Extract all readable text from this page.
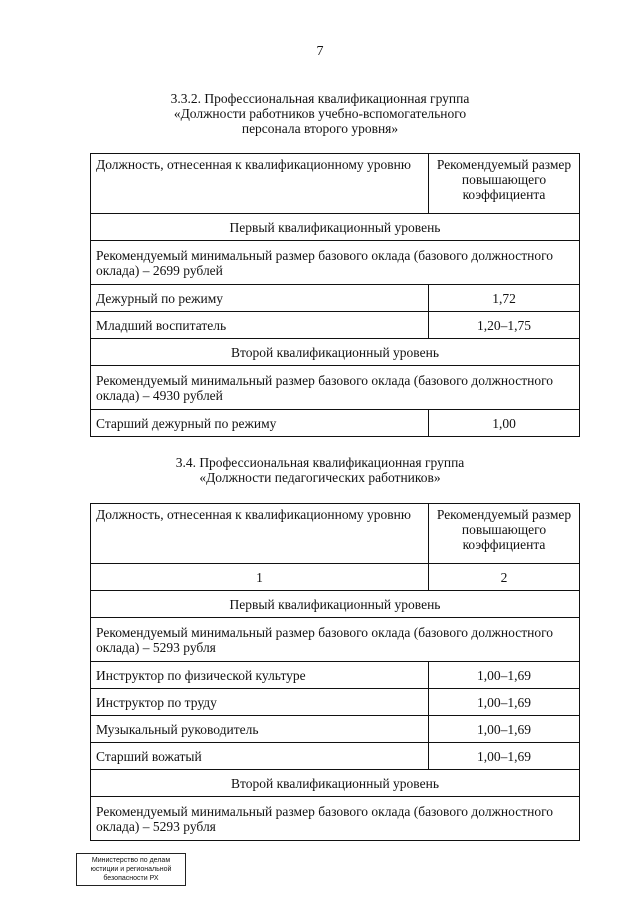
7
3.3.2. Профессиональная квалификационная группа
«Должности работников учебно-вспомогательного
персонала второго уровня»
Должность, отнесенная к квалификационному уровню	Рекомендуемый размер
повышающего
коэффициента

Первый квалификационный уровень	
Рекомендуемый минимальный размер базового оклада (базового должностного оклада) – 2699 рублей	
Дежурный по режиму	1,72
Младший воспитатель	1,20–1,75
Второй квалификационный уровень	
Рекомендуемый минимальный размер базового оклада (базового должностного оклада) – 4930 рублей	
Старший дежурный по режиму	1,00
3.4. Профессиональная квалификационная группа
«Должности педагогических работников»
Должность, отнесенная к квалификационному уровню	Рекомендуемый размер
повышающего
коэффициента

1	2
Первый квалификационный уровень	
Рекомендуемый минимальный размер базового оклада (базового должностного оклада) – 5293 рубля	
Инструктор по физической культуре	1,00–1,69
Инструктор по труду	1,00–1,69
Музыкальный руководитель	1,00–1,69
Старший вожатый	1,00–1,69
Второй квалификационный уровень	
Рекомендуемый минимальный размер базового оклада (базового должностного оклада) – 5293 рубля	
Министерство по делам
юстиции и региональной
безопасности РХ
